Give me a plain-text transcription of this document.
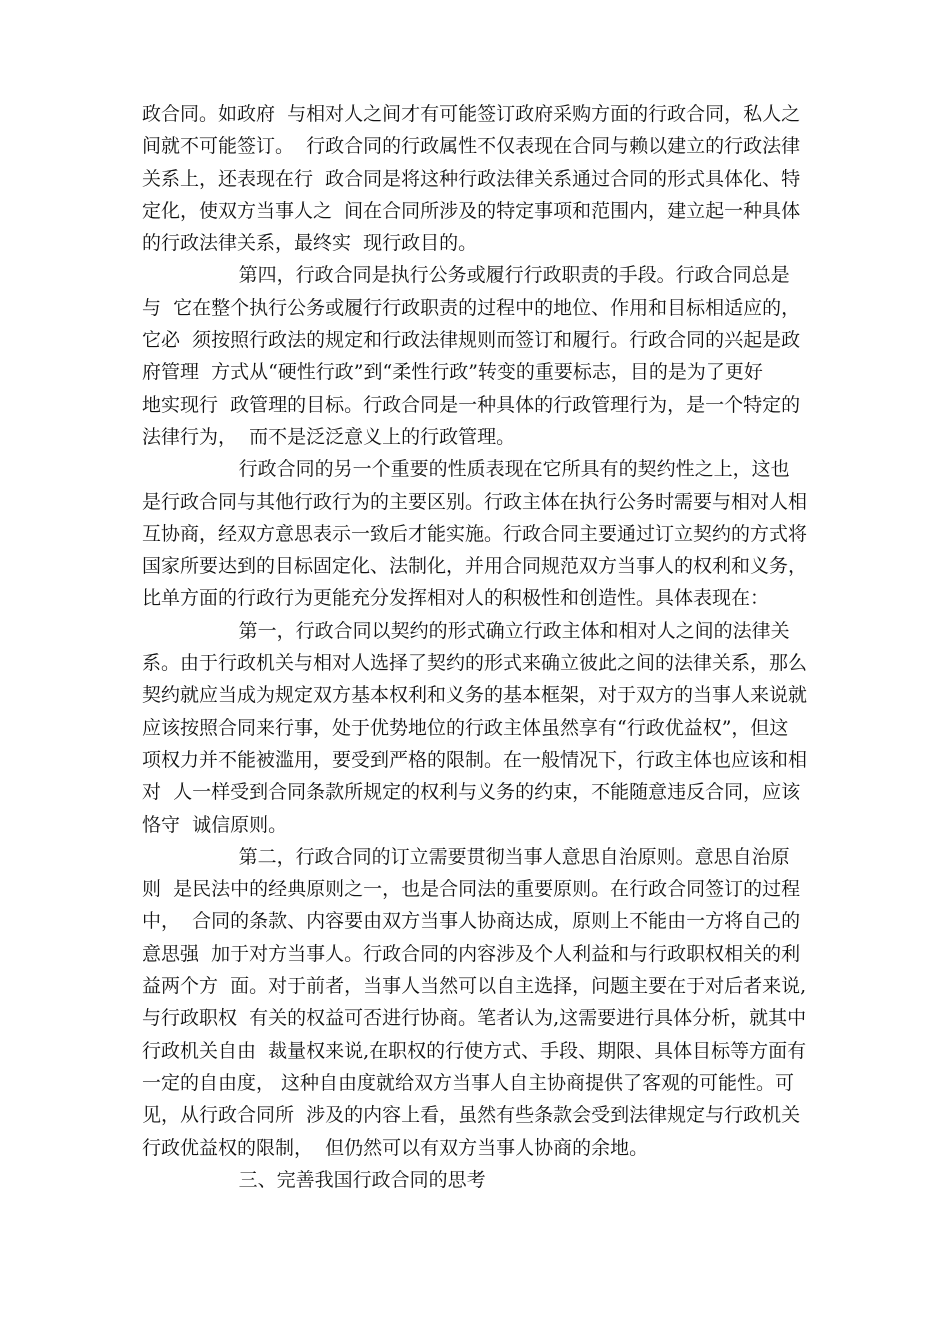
政合同。如政府  与相对人之间才有可能签订政府采购方面的行政合同，私人之
间就不可能签订。  行政合同的行政属性不仅表现在合同与赖以建立的行政法律
关系上，还表现在行  政合同是将这种行政法律关系通过合同的形式具体化、特
定化，使双方当事人之  间在合同所涉及的特定事项和范围内，建立起一种具体
的行政法律关系，最终实  现行政目的。
第四，行政合同是执行公务或履行行政职责的手段。行政合同总是
与  它在整个执行公务或履行行政职责的过程中的地位、作用和目标相适应的，
它必  须按照行政法的规定和行政法律规则而签订和履行。行政合同的兴起是政
府管理  方式从“硬性行政”到“柔性行政”转变的重要标志，目的是为了更好
地实现行  政管理的目标。行政合同是一种具体的行政管理行为，是一个特定的
法律行为，  而不是泛泛意义上的行政管理。
行政合同的另一个重要的性质表现在它所具有的契约性之上，这也
是行政合同与其他行政行为的主要区别。行政主体在执行公务时需要与相对人相
互协商，经双方意思表示一致后才能实施。行政合同主要通过订立契约的方式将
国家所要达到的目标固定化、法制化，并用合同规范双方当事人的权利和义务，
比单方面的行政行为更能充分发挥相对人的积极性和创造性。具体表现在：
第一，行政合同以契约的形式确立行政主体和相对人之间的法律关
系。由于行政机关与相对人选择了契约的形式来确立彼此之间的法律关系，那么
契约就应当成为规定双方基本权利和义务的基本框架，对于双方的当事人来说就
应该按照合同来行事，处于优势地位的行政主体虽然享有“行政优益权”，但这
项权力并不能被滥用，要受到严格的限制。在一般情况下，行政主体也应该和相
对  人一样受到合同条款所规定的权利与义务的约束，不能随意违反合同，应该
恪守  诚信原则。
第二，行政合同的订立需要贯彻当事人意思自治原则。意思自治原
则  是民法中的经典原则之一，也是合同法的重要原则。在行政合同签订的过程
中，  合同的条款、内容要由双方当事人协商达成，原则上不能由一方将自己的
意思强  加于对方当事人。行政合同的内容涉及个人利益和与行政职权相关的利
益两个方  面。对于前者，当事人当然可以自主选择，问题主要在于对后者来说,
与行政职权  有关的权益可否进行协商。笔者认为,这需要进行具体分析，就其中
行政机关自由  裁量权来说,在职权的行使方式、手段、期限、具体目标等方面有
一定的自由度， 这种自由度就给双方当事人自主协商提供了客观的可能性。可
见，从行政合同所  涉及的内容上看，虽然有些条款会受到法律规定与行政机关
行政优益权的限制，  但仍然可以有双方当事人协商的余地。
三、完善我国行政合同的思考
